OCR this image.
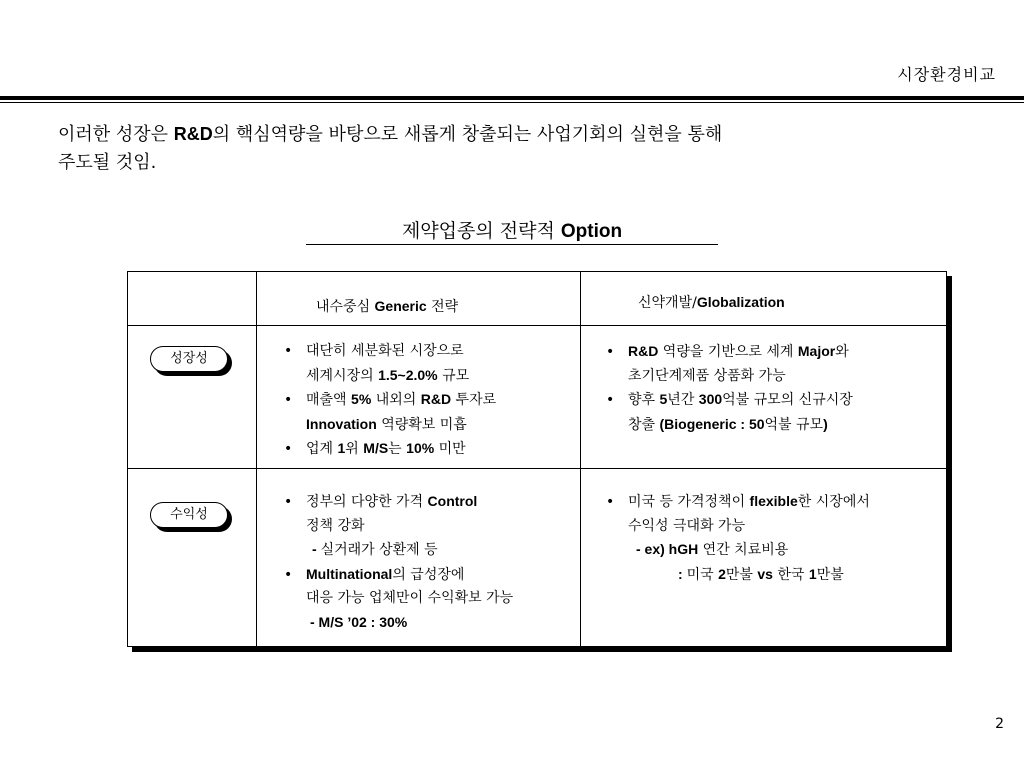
시장환경비교
이러한 성장은 R&D의 핵심역량을 바탕으로 새롭게 창출되는 사업기회의 실현을 통해
주도될 것임.
제약업종의 전략적 Option
내수중심 Generic 전략	신약개발/Globalization
성장성
수익성
• 대단히 세분화된 시장으로
세계시장의 1.5~2.0% 규모
• 매출액 5% 내외의 R&D 투자로
Innovation 역량확보 미흡
• 업계 1위 M/S는 10% 미만
• R&D 역량을 기반으로 세계 Major와
초기단계제품 상품화 가능
• 향후 5년간 300억불 규모의 신규시장
창출 (Biogeneric : 50억불 규모)
• 정부의 다양한 가격 Control
정책 강화
- 실거래가 상환제 등
• Multinational의 급성장에
대응 가능 업체만이 수익확보 가능
- M/S ’02 : 30%
• 미국 등 가격정책이 flexible한 시장에서
수익성 극대화 가능
- ex) hGH 연간 치료비용
: 미국 2만불 vs 한국 1만불
2
